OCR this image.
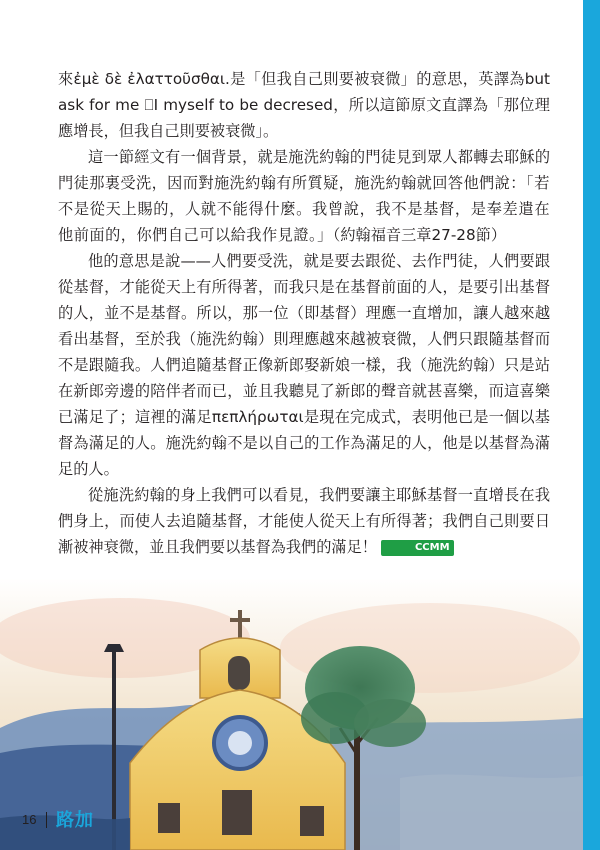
來ἐμὲ δὲ ἐλαττοῦσθαι.是「但我自己則要被衰微」的意思，英譯為but ask for me ⎕I myself to be decresed，所以這節原文直譯為「那位理應增長，但我自己則要被衰微」。

這一節經文有一個背景，就是施洗約翰的門徒見到眾人都轉去耶穌的門徒那裏受洗，因而對施洗約翰有所質疑，施洗約翰就回答他們說：「若不是從天上賜的，人就不能得什麼。我曾說，我不是基督，是奉差遣在他前面的，你們自己可以給我作見證。」（約翰福音三章27-28節）

他的意思是說——人們要受洗，就是要去跟從、去作門徒，人們要跟從基督，才能從天上有所得著，而我只是在基督前面的人，是要引出基督的人，並不是基督。所以，那一位（即基督）理應一直增加，讓人越來越看出基督，至於我（施洗約翰）則理應越來越被衰微，人們只跟隨基督而不是跟隨我。人們追隨基督正像新郎娶新娘一樣，我（施洗約翰）只是站在新郎旁邊的陪伴者而已，並且我聽見了新郎的聲音就甚喜樂，而這喜樂已滿足了；這裡的滿足πεπλήρωται是現在完成式，表明他已是一個以基督為滿足的人。施洗約翰不是以自己的工作為滿足的人，他是以基督為滿足的人。

從施洗約翰的身上我們可以看見，我們要讓主耶穌基督一直增長在我們身上，而使人去追隨基督，才能使人從天上有所得著；我們自己則要日漸被神衰微，並且我們要以基督為我們的滿足！	CCMM

16 路加
